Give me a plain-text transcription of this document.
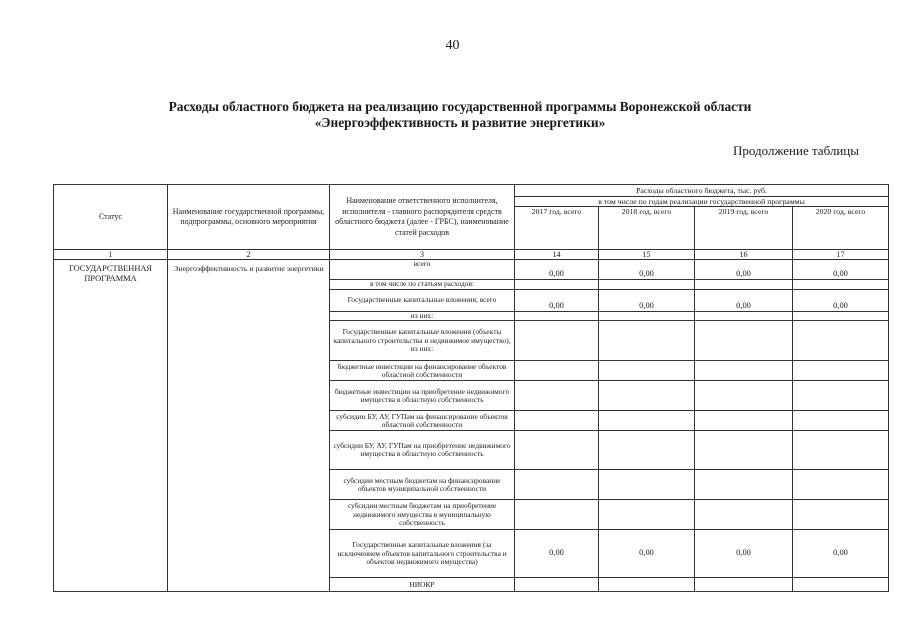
40
Расходы областного бюджета на реализацию государственной программы Воронежской области
«Энергоэффективность и развитие энергетики»
Продолжение таблицы
Статус	Наименование государственной программы, подпрограммы, основного мероприятия	Наименование ответственного исполнителя, исполнителя - главного распорядителя средств областного бюджета (далее - ГРБС), наименование статей расходов	Расходы областного бюджета, тыс. руб.			
			в том числе по годам реализации государственной программы			
			2017 год, всего	2018 год, всего	2019 год, всего	2020 год, всего
1	2	3	14	15	16	17
ГОСУДАРСТВЕННАЯ ПРОГРАММА	Энергоэффективность и развитие энергетики	всего	0,00	0,00	0,00	0,00
		в том числе по статьям расходов:				
		Государственные капитальные вложения, всего	0,00	0,00	0,00	0,00
		из них:				
		Государственные капитальные вложения (объекты капитального строительства и недвижимое имущество), из них:				
		бюджетные инвестиции на финансирование объектов областной собственности				
		бюджетные инвестиции на приобретение недвижимого имущества в областную собственность				
		субсидии БУ, АУ, ГУПам на финансирование объектов областной собственности				
		субсидии БУ, АУ, ГУПам на приобретение недвижимого имущества в областную собственность				
		субсидии местным бюджетам на финансирование объектов муниципальной собственности				
		субсидии местным бюджетам на приобретение недвижимого имущества в муниципальную собственность				
		Государственные капитальные вложения (за исключением объектов капитального строительства и объектов недвижимого имущества)	0,00	0,00	0,00	0,00
		НИОКР				
